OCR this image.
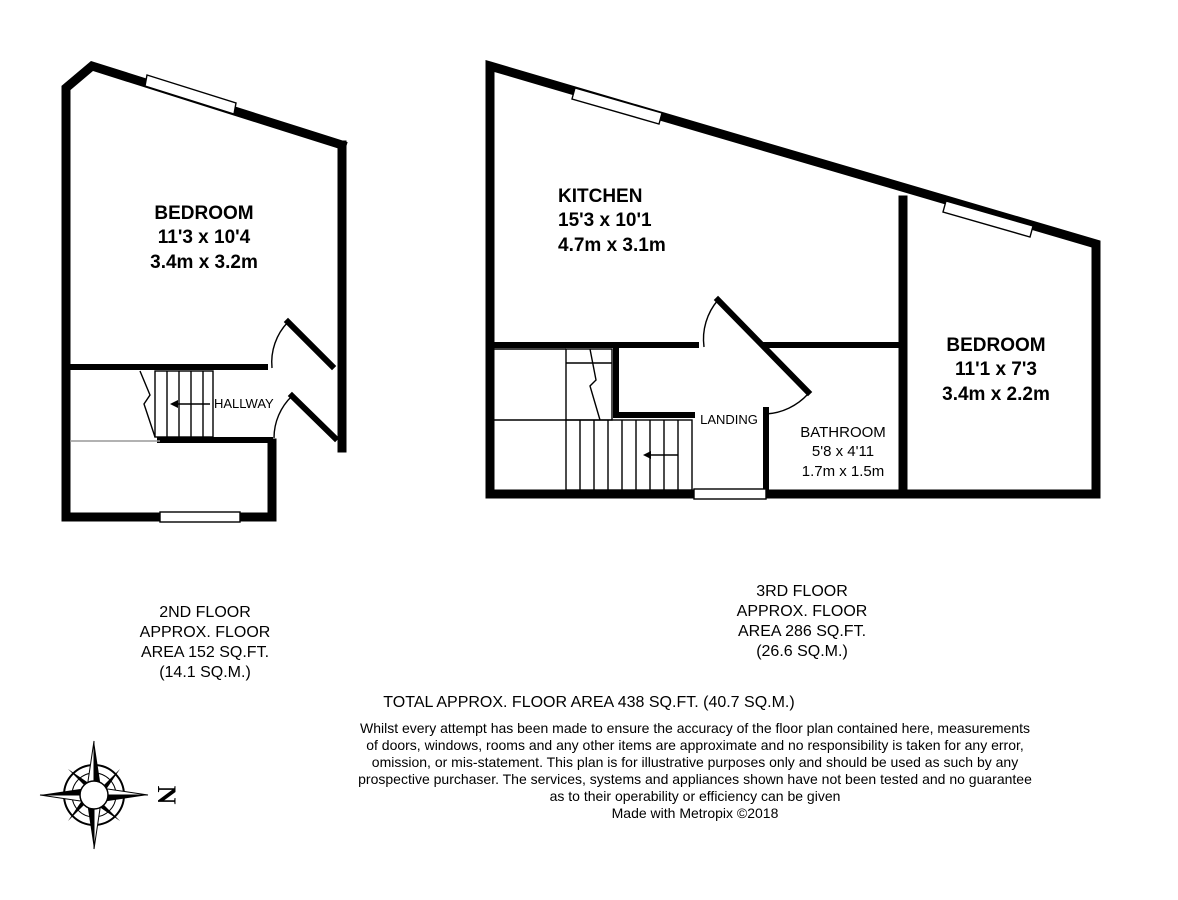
BEDROOM
11'3 x 10'4
3.4m x 3.2m
HALLWAY
KITCHEN
15'3 x 10'1
4.7m x 3.1m
BEDROOM
11'1 x 7'3
3.4m x 2.2m
BATHROOM
5'8 x 4'11
1.7m x 1.5m
LANDING
N
2ND FLOOR
APPROX. FLOOR
AREA 152 SQ.FT.
(14.1 SQ.M.)
3RD FLOOR
APPROX. FLOOR
AREA 286 SQ.FT.
(26.6 SQ.M.)
TOTAL APPROX. FLOOR AREA 438 SQ.FT. (40.7 SQ.M.)
Whilst every attempt has been made to ensure the accuracy of the floor plan contained here, measurements
of doors, windows, rooms and any other items are approximate and no responsibility is taken for any error,
omission, or mis-statement. This plan is for illustrative purposes only and should be used as such by any
prospective purchaser. The services, systems and appliances shown have not been tested and no guarantee
as to their operability or efficiency can be given
Made with Metropix ©2018
